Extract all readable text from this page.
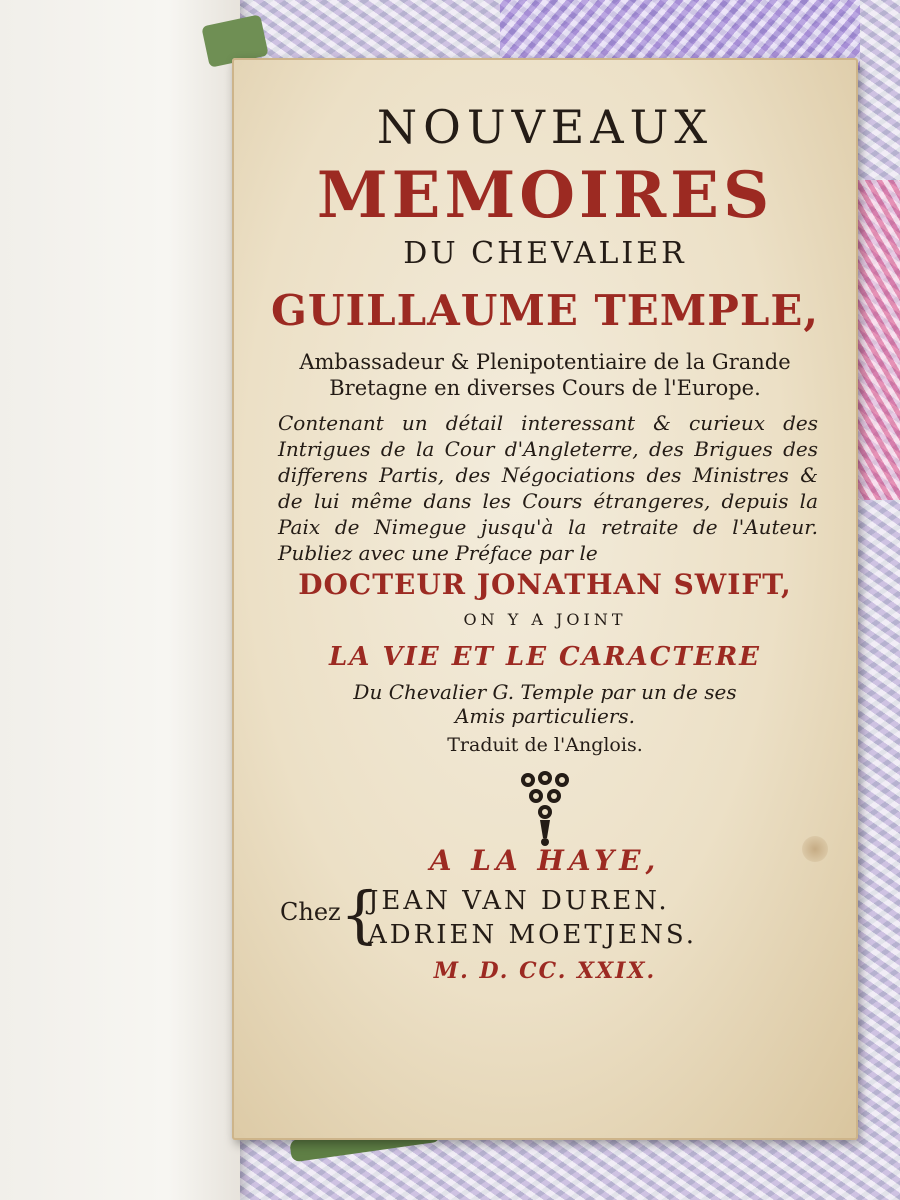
NOUVEAUX
MEMOIRES
DU CHEVALIER
GUILLAUME TEMPLE,
Ambassadeur & Plenipotentiaire de la Grande
Bretagne en diverses Cours de l'Europe.
Contenant un détail interessant & curieux des Intrigues de la Cour d'Angleterre, des Brigues des differens Partis, des Négociations des Ministres & de lui même dans les Cours étrangeres, depuis la Paix de Nimegue jusqu'à la retraite de l'Auteur. Publiez avec une Préface par le
DOCTEUR JONATHAN SWIFT,
ON Y A JOINT
LA VIE ET LE CARACTERE
Du Chevalier G. Temple par un de ses
Amis particuliers.
Traduit de l'Anglois.
A LA HAYE,
Chez {
JEAN VAN DUREN.
ADRIEN MOETJENS.
M. D. CC. XXIX.
